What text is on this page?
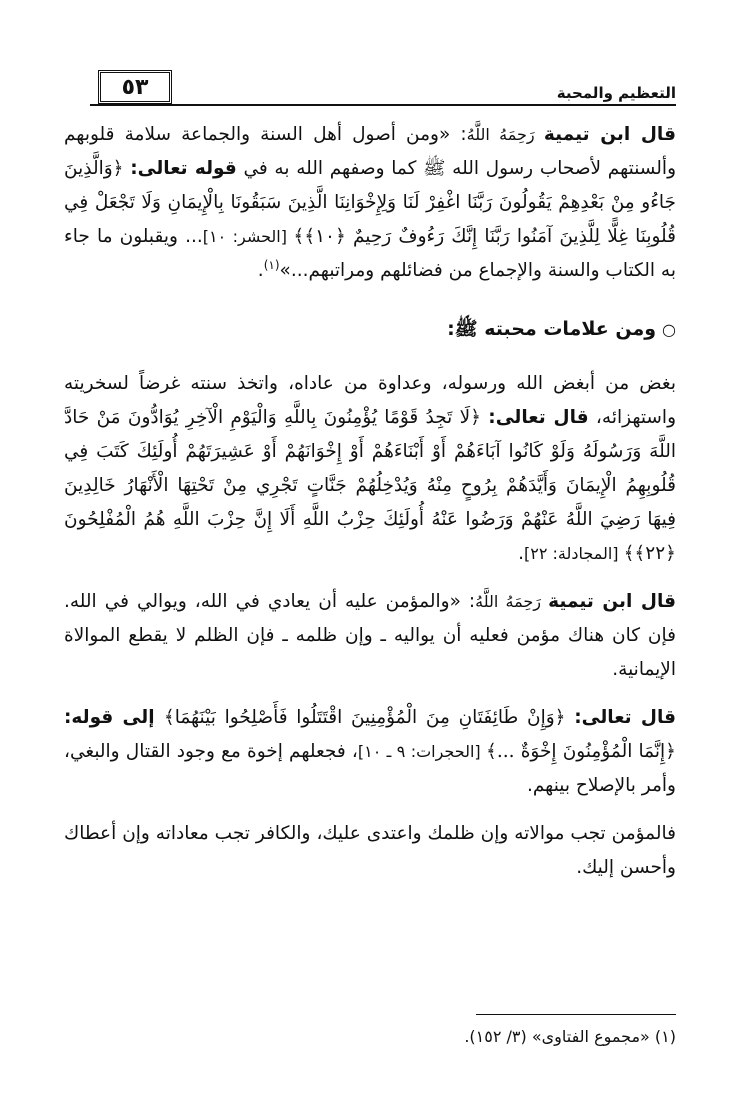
التعظيم والمحبة
٥٣

قال ابن تيمية رَحِمَهُ اللَّهُ: «ومن أصول أهل السنة والجماعة سلامة قلوبهم وألسنتهم لأصحاب رسول الله ﷺ كما وصفهم الله به في قوله تعالى: ﴿وَالَّذِينَ جَاءُو مِنْ بَعْدِهِمْ يَقُولُونَ رَبَّنَا اغْفِرْ لَنَا وَلِإِخْوَانِنَا الَّذِينَ سَبَقُونَا بِالْإِيمَانِ وَلَا تَجْعَلْ فِي قُلُوبِنَا غِلًّا لِلَّذِينَ آمَنُوا رَبَّنَا إِنَّكَ رَءُوفٌ رَحِيمٌ ﴿١٠﴾﴾ [الحشر: ١٠]... ويقبلون ما جاء به الكتاب والسنة والإجماع من فضائلهم ومراتبهم...»$^{(١)}$.

○ومن علامات محبته ﷺ:

بغض من أبغض الله ورسوله، وعداوة من عاداه، واتخذ سنته غرضاً لسخريته واستهزائه، قال تعالى: ﴿لَا تَجِدُ قَوْمًا يُؤْمِنُونَ بِاللَّهِ وَالْيَوْمِ الْآخِرِ يُوَادُّونَ مَنْ حَادَّ اللَّهَ وَرَسُولَهُ وَلَوْ كَانُوا آبَاءَهُمْ أَوْ أَبْنَاءَهُمْ أَوْ إِخْوَانَهُمْ أَوْ عَشِيرَتَهُمْ أُولَئِكَ كَتَبَ فِي قُلُوبِهِمُ الْإِيمَانَ وَأَيَّدَهُمْ بِرُوحٍ مِنْهُ وَيُدْخِلُهُمْ جَنَّاتٍ تَجْرِي مِنْ تَحْتِهَا الْأَنْهَارُ خَالِدِينَ فِيهَا رَضِيَ اللَّهُ عَنْهُمْ وَرَضُوا عَنْهُ أُولَئِكَ حِزْبُ اللَّهِ أَلَا إِنَّ حِزْبَ اللَّهِ هُمُ الْمُفْلِحُونَ ﴿٢٢﴾﴾ [المجادلة: ٢٢].

قال ابن تيمية رَحِمَهُ اللَّهُ: «والمؤمن عليه أن يعادي في الله، ويوالي في الله. فإن كان هناك مؤمن فعليه أن يواليه ـ وإن ظلمه ـ فإن الظلم لا يقطع الموالاة الإيمانية.

قال تعالى: ﴿وَإِنْ طَائِفَتَانِ مِنَ الْمُؤْمِنِينَ اقْتَتَلُوا فَأَصْلِحُوا بَيْنَهُمَا﴾ إلى قوله: ﴿إِنَّمَا الْمُؤْمِنُونَ إِخْوَةٌ ...﴾ [الحجرات: ٩ ـ ١٠]، فجعلهم إخوة مع وجود القتال والبغي، وأمر بالإصلاح بينهم.

فالمؤمن تجب موالاته وإن ظلمك واعتدى عليك، والكافر تجب معاداته وإن أعطاك وأحسن إليك.

(١) «مجموع الفتاوى» (٣/ ١٥٢).
